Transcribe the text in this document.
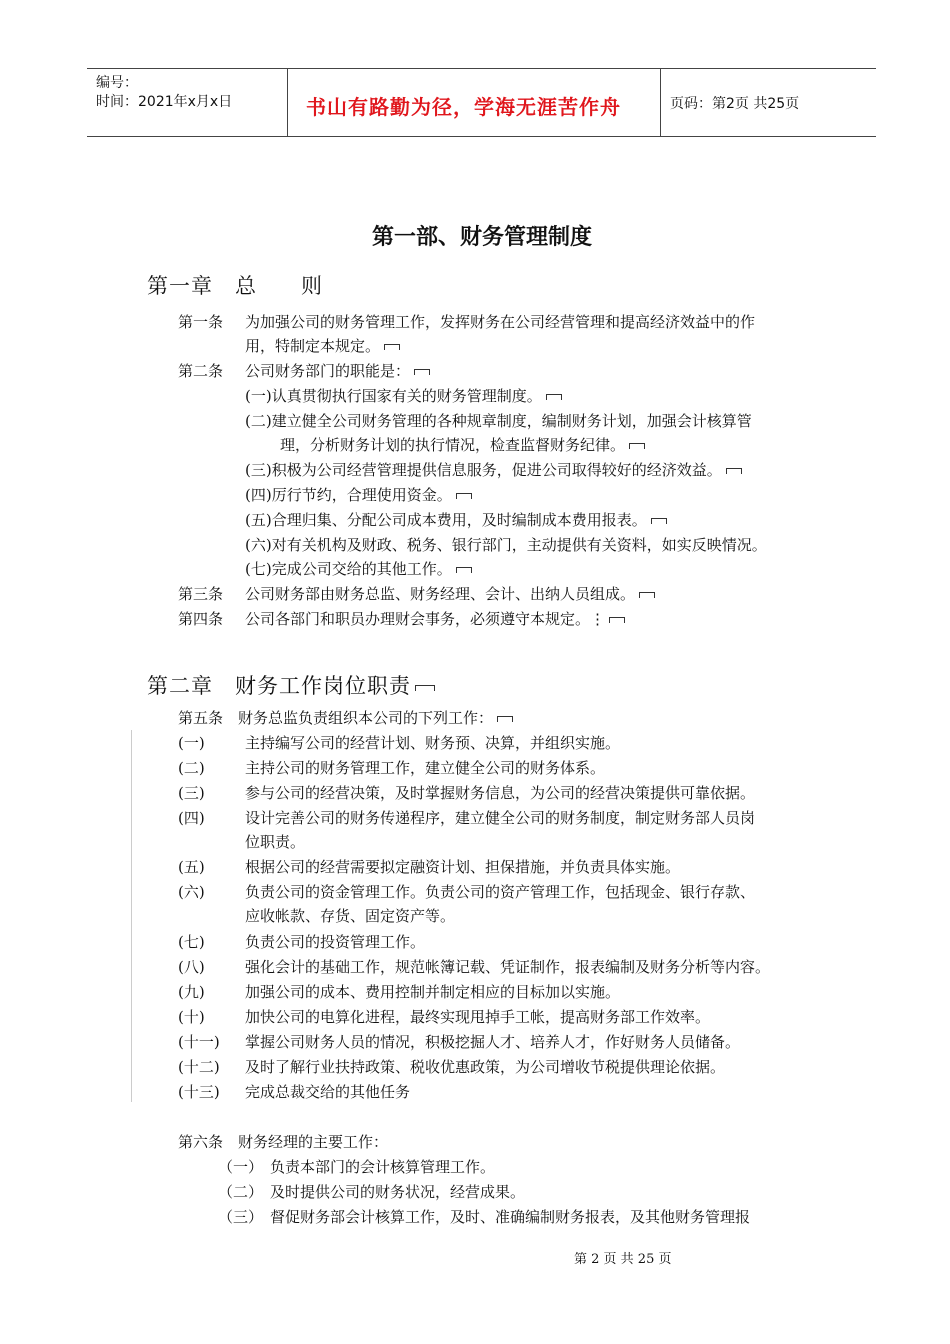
编号：
时间：2021年x月x日	书山有路勤为径，学海无涯苦作舟	页码：第2页 共25页
第一部、财务管理制度
第一章　总　　则
第一条 为加强公司的财务管理工作，发挥财务在公司经营管理和提高经济效益中的作
用，特制定本规定。
第二条 公司财务部门的职能是：
(一)认真贯彻执行国家有关的财务管理制度。
(二)建立健全公司财务管理的各种规章制度，编制财务计划，加强会计核算管
理，分析财务计划的执行情况，检查监督财务纪律。
(三)积极为公司经营管理提供信息服务，促进公司取得较好的经济效益。
(四)厉行节约，合理使用资金。
(五)合理归集、分配公司成本费用，及时编制成本费用报表。
(六)对有关机构及财政、税务、银行部门，主动提供有关资料，如实反映情况。
(七)完成公司交给的其他工作。
第三条 公司财务部由财务总监、财务经理、会计、出纳人员组成。
第四条 公司各部门和职员办理财会事务，必须遵守本规定。⋮
第二章　财务工作岗位职责
第五条　财务总监负责组织本公司的下列工作：
(一)	主持编写公司的经营计划、财务预、决算，并组织实施。
(二)	主持公司的财务管理工作，建立健全公司的财务体系。
(三)	参与公司的经营决策，及时掌握财务信息，为公司的经营决策提供可靠依据。
(四)	设计完善公司的财务传递程序，建立健全公司的财务制度，制定财务部人员岗
位职责。
(五)	根据公司的经营需要拟定融资计划、担保措施，并负责具体实施。
(六)	负责公司的资金管理工作。负责公司的资产管理工作，包括现金、银行存款、
应收帐款、存货、固定资产等。
(七)	负责公司的投资管理工作。
(八)	强化会计的基础工作，规范帐簿记载、凭证制作，报表编制及财务分析等内容。
(九)	加强公司的成本、费用控制并制定相应的目标加以实施。
(十)	加快公司的电算化进程，最终实现甩掉手工帐，提高财务部工作效率。
(十一) 掌握公司财务人员的情况，积极挖掘人才、培养人才，作好财务人员储备。
(十二) 及时了解行业扶持政策、税收优惠政策，为公司增收节税提供理论依据。
(十三) 完成总裁交给的其他任务
第六条　财务经理的主要工作：
（一） 负责本部门的会计核算管理工作。
（二） 及时提供公司的财务状况，经营成果。
（三） 督促财务部会计核算工作，及时、准确编制财务报表，及其他财务管理报
第 2 页 共 25 页
